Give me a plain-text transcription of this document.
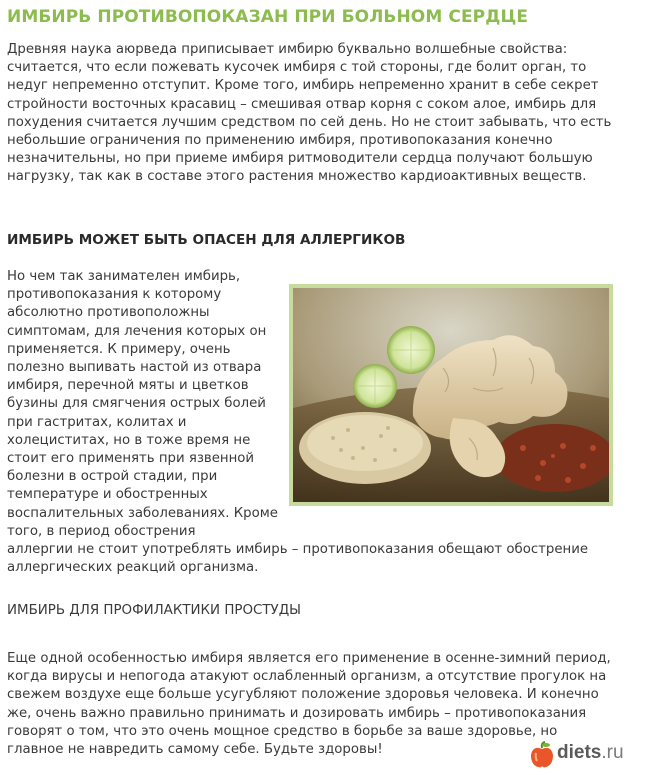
ИМБИРЬ ПРОТИВОПОКАЗАН ПРИ БОЛЬНОМ СЕРДЦЕ

Древняя наука аюрведа приписывает имбирю буквально волшебные свойства: считается, что если пожевать кусочек имбиря с той стороны, где болит орган, то недуг непременно отступит. Кроме того, имбирь непременно хранит в себе секрет стройности восточных красавиц – смешивая отвар корня с соком алое, имбирь для похудения считается лучшим средством по сей день. Но не стоит забывать, что есть небольшие ограничения по применению имбиря, противопоказания конечно незначительны, но при приеме имбиря ритмоводители сердца получают большую нагрузку, так как в составе этого растения множество кардиоактивных веществ.

ИМБИРЬ МОЖЕТ БЫТЬ ОПАСЕН ДЛЯ АЛЛЕРГИКОВ

Но чем так занимателен имбирь, противопоказания к которому абсолютно противоположны симптомам, для лечения которых он применяется. К примеру, очень полезно выпивать настой из отвара имбиря, перечной мяты и цветков бузины для смягчения острых болей при гастритах, колитах и холециститах, но в тоже время не стоит его применять при язвенной болезни в острой стадии, при температуре и обостренных воспалительных заболеваниях. Кроме того, в период обострения

аллергии не стоит употреблять имбирь – противопоказания обещают обострение аллергических реакций организма.

ИМБИРЬ ДЛЯ ПРОФИЛАКТИКИ ПРОСТУДЫ

Еще одной особенностью имбиря является его применение в осенне-зимний период, когда вирусы и непогода атакуют ослабленный организм, а отсутствие прогулок на свежем воздухе еще больше усугубляют положение здоровья человека. И конечно же, очень важно правильно принимать и дозировать имбирь – противопоказания говорят о том, что это очень мощное средство в борьбе за ваше здоровье, но главное не навредить самому себе. Будьте здоровы!	diets.ru
